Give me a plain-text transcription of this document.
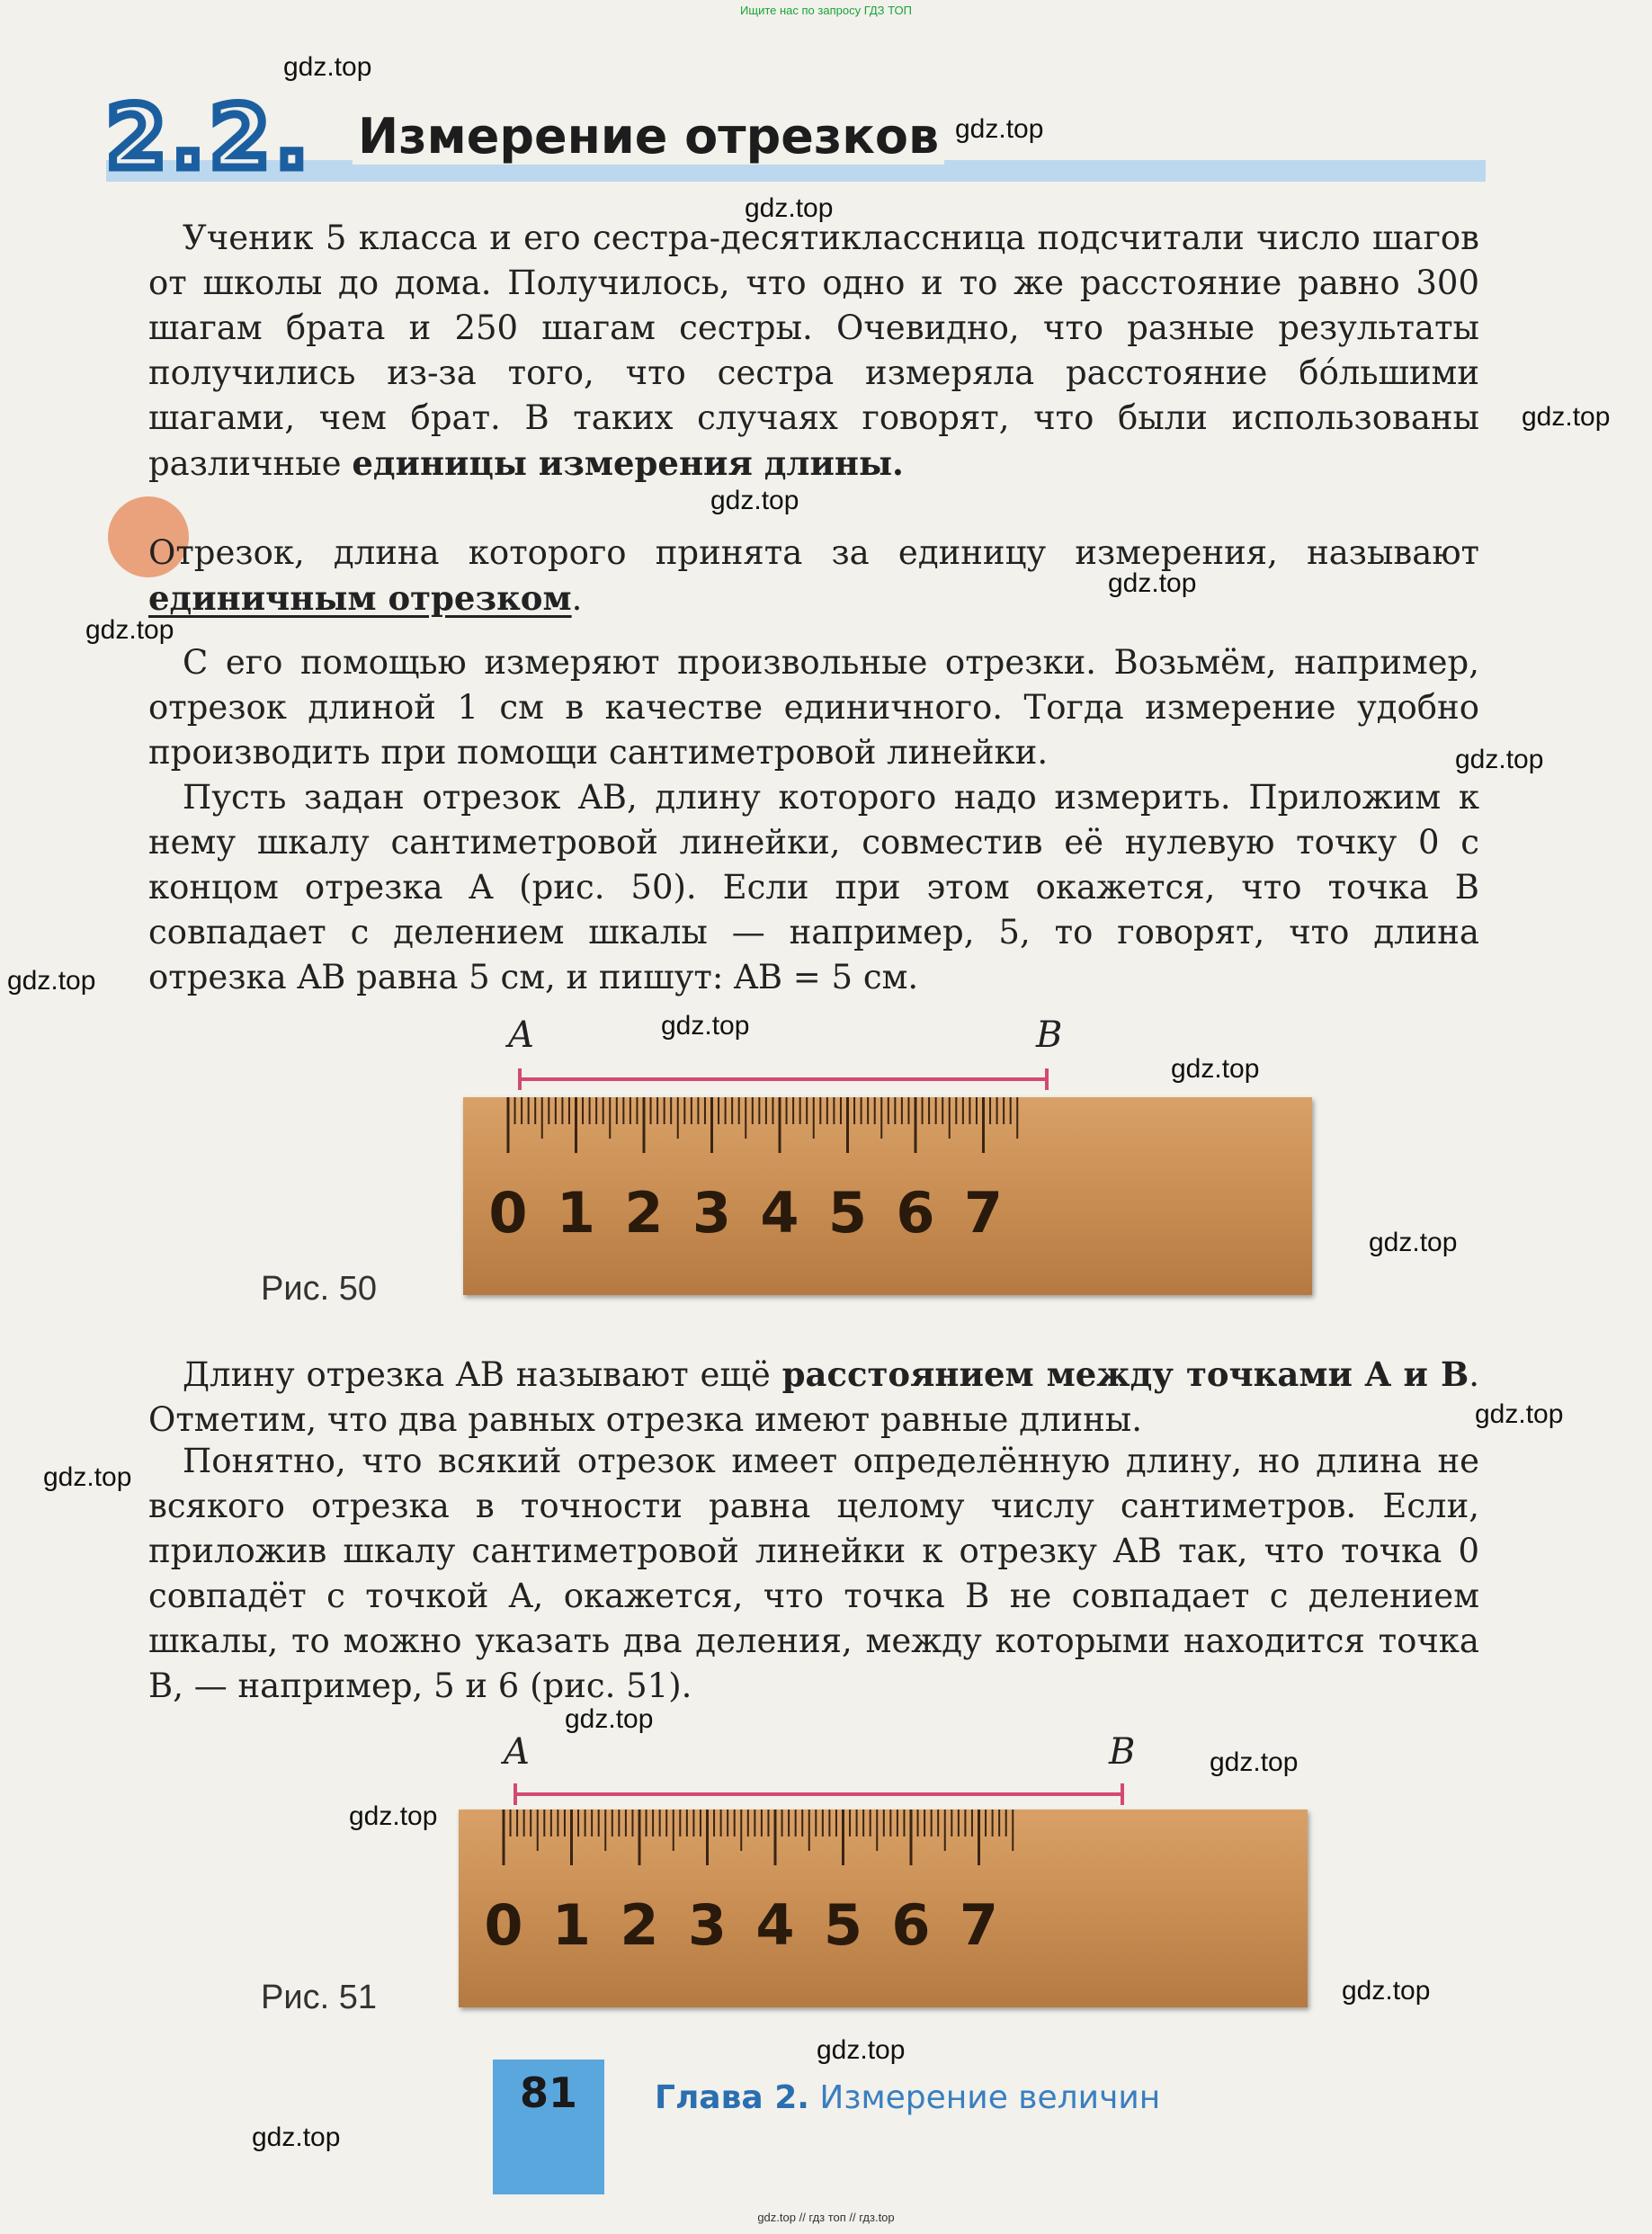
Ищите нас по запросу ГДЗ ТОП
2.2. Измерение отрезков
Ученик 5 класса и его сестра-десятиклассница подсчитали число шагов от школы до дома. Получилось, что одно и то же расстояние равно 300 шагам брата и 250 шагам сестры. Очевидно, что разные результаты получились из-за того, что сестра измеряла расстояние бóльшими шагами, чем брат. В таких случаях говорят, что были использованы различные единицы измерения длины.
Отрезок, длина которого принята за единицу измерения, называют единичным отрезком.
С его помощью измеряют произвольные отрезки. Возьмём, например, отрезок длиной 1 см в качестве единичного. Тогда измерение удобно производить при помощи сантиметровой линейки.
Пусть задан отрезок AB, длину которого надо измерить. Приложим к нему шкалу сантиметровой линейки, совместив её нулевую точку 0 с концом отрезка A (рис. 50). Если при этом окажется, что точка B совпадает с делением шкалы — например, 5, то говорят, что длина отрезка AB равна 5 см, и пишут: AB = 5 см.
A	B
0 1 2 3 4 5 6 7
Рис. 50
Длину отрезка AB называют ещё расстоянием между точками A и B. Отметим, что два равных отрезка имеют равные длины.
Понятно, что всякий отрезок имеет определённую длину, но длина не всякого отрезка в точности равна целому числу сантиметров. Если, приложив шкалу сантиметровой линейки к отрезку AB так, что точка 0 совпадёт с точкой A, окажется, что точка B не совпадает с делением шкалы, то можно указать два деления, между которыми находится точка B, — например, 5 и 6 (рис. 51).
A	B
0 1 2 3 4 5 6 7
Рис. 51
81	Глава 2. Измерение величин
gdz.top
gdz.top
gdz.top
gdz.top
gdz.top
gdz.top
gdz.top
gdz.top
gdz.top
gdz.top
gdz.top
gdz.top
gdz.top
gdz.top
gdz.top
gdz.top
gdz.top
gdz.top
gdz.top
gdz.top
gdz.top // гдз топ // гдз.top
